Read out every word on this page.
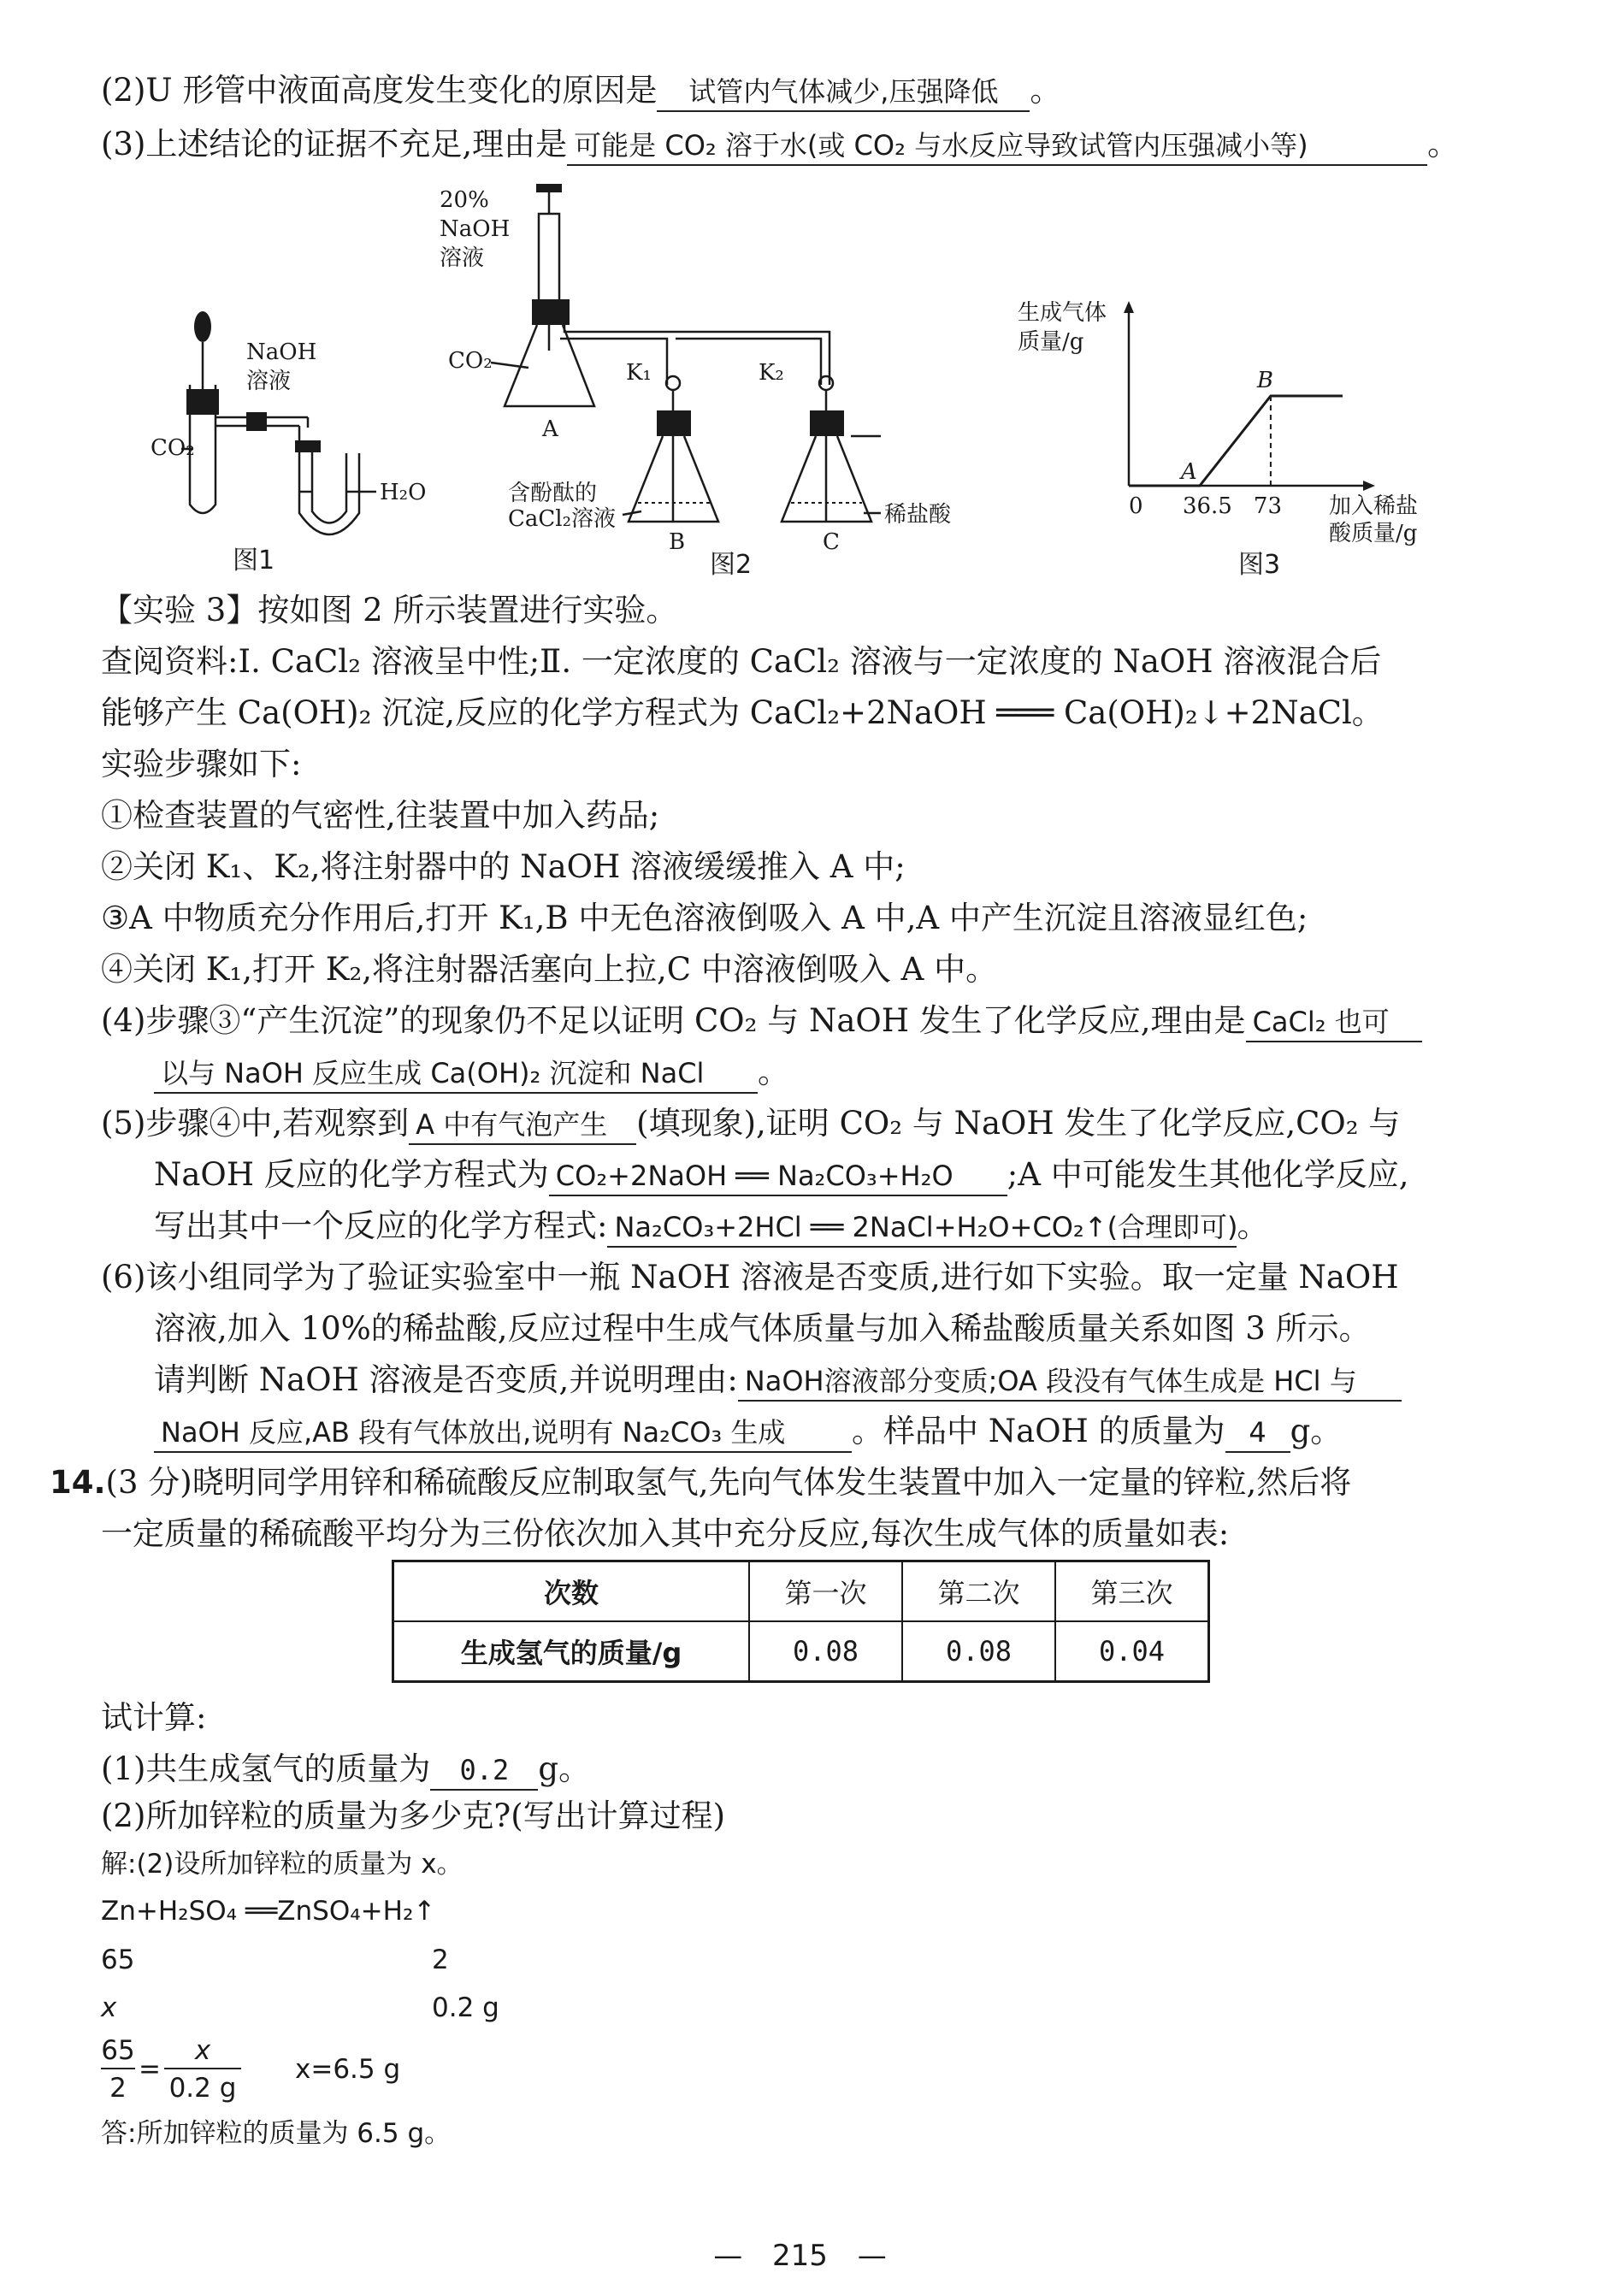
(2)U 形管中液面高度发生变化的原因是 试管内气体减少,压强降低 。
(3)上述结论的证据不充足,理由是 可能是 CO₂ 溶于水(或 CO₂ 与水反应导致试管内压强减小等)	。
NaOH
溶液
CO₂
H₂O
图1
20%
NaOH
溶液
CO₂
A
K₁	K₂
B	C
含酚酞的
CaCl₂溶液	稀盐酸
图2
生成气体
质量/g
36.5 73
A
B
0	加入稀盐
酸质量/g
图3
【实验 3】按如图 2 所示装置进行实验。
查阅资料:Ⅰ. CaCl₂ 溶液呈中性;Ⅱ. 一定浓度的 CaCl₂ 溶液与一定浓度的 NaOH 溶液混合后
能够产生 Ca(OH)₂ 沉淀,反应的化学方程式为 CaCl₂+2NaOH ═══ Ca(OH)₂↓+2NaCl。
实验步骤如下:
①检查装置的气密性,往装置中加入药品;
②关闭 K₁、K₂,将注射器中的 NaOH 溶液缓缓推入 A 中;
③A 中物质充分作用后,打开 K₁,B 中无色溶液倒吸入 A 中,A 中产生沉淀且溶液显红色;
④关闭 K₁,打开 K₂,将注射器活塞向上拉,C 中溶液倒吸入 A 中。
(4)步骤③“产生沉淀”的现象仍不足以证明 CO₂ 与 NaOH 发生了化学反应,理由是 CaCl₂ 也可
以与 NaOH 反应生成 Ca(OH)₂ 沉淀和 NaCl 。
(5)步骤④中,若观察到 A 中有气泡产生 (填现象),证明 CO₂ 与 NaOH 发生了化学反应,CO₂ 与
NaOH 反应的化学方程式为 CO₂+2NaOH ══ Na₂CO₃+H₂O ;A 中可能发生其他化学反应,
写出其中一个反应的化学方程式: Na₂CO₃+2HCl ══ 2NaCl+H₂O+CO₂↑(合理即可)。
(6)该小组同学为了验证实验室中一瓶 NaOH 溶液是否变质,进行如下实验。取一定量 NaOH
溶液,加入 10%的稀盐酸,反应过程中生成气体质量与加入稀盐酸质量关系如图 3 所示。
请判断 NaOH 溶液是否变质,并说明理由: NaOH溶液部分变质;OA 段没有气体生成是 HCl 与
NaOH 反应,AB 段有气体放出,说明有 Na₂CO₃ 生成 。样品中 NaOH 的质量为 4 g。
14.(3 分)晓明同学用锌和稀硫酸反应制取氢气,先向气体发生装置中加入一定量的锌粒,然后将
一定质量的稀硫酸平均分为三份依次加入其中充分反应,每次生成气体的质量如表:
次数	第一次	第二次	第三次
生成氢气的质量/g	0.08	0.08	0.04
试计算:
(1)共生成氢气的质量为 0.2 g。
(2)所加锌粒的质量为多少克?(写出计算过程)
解:(2)设所加锌粒的质量为 x。
Zn+H₂SO₄ ══ZnSO₄+H₂↑
65	2
x	0.2 g
65
2
=
x
0.2 g
x=6.5 g
答:所加锌粒的质量为 6.5 g。
— 215 —
